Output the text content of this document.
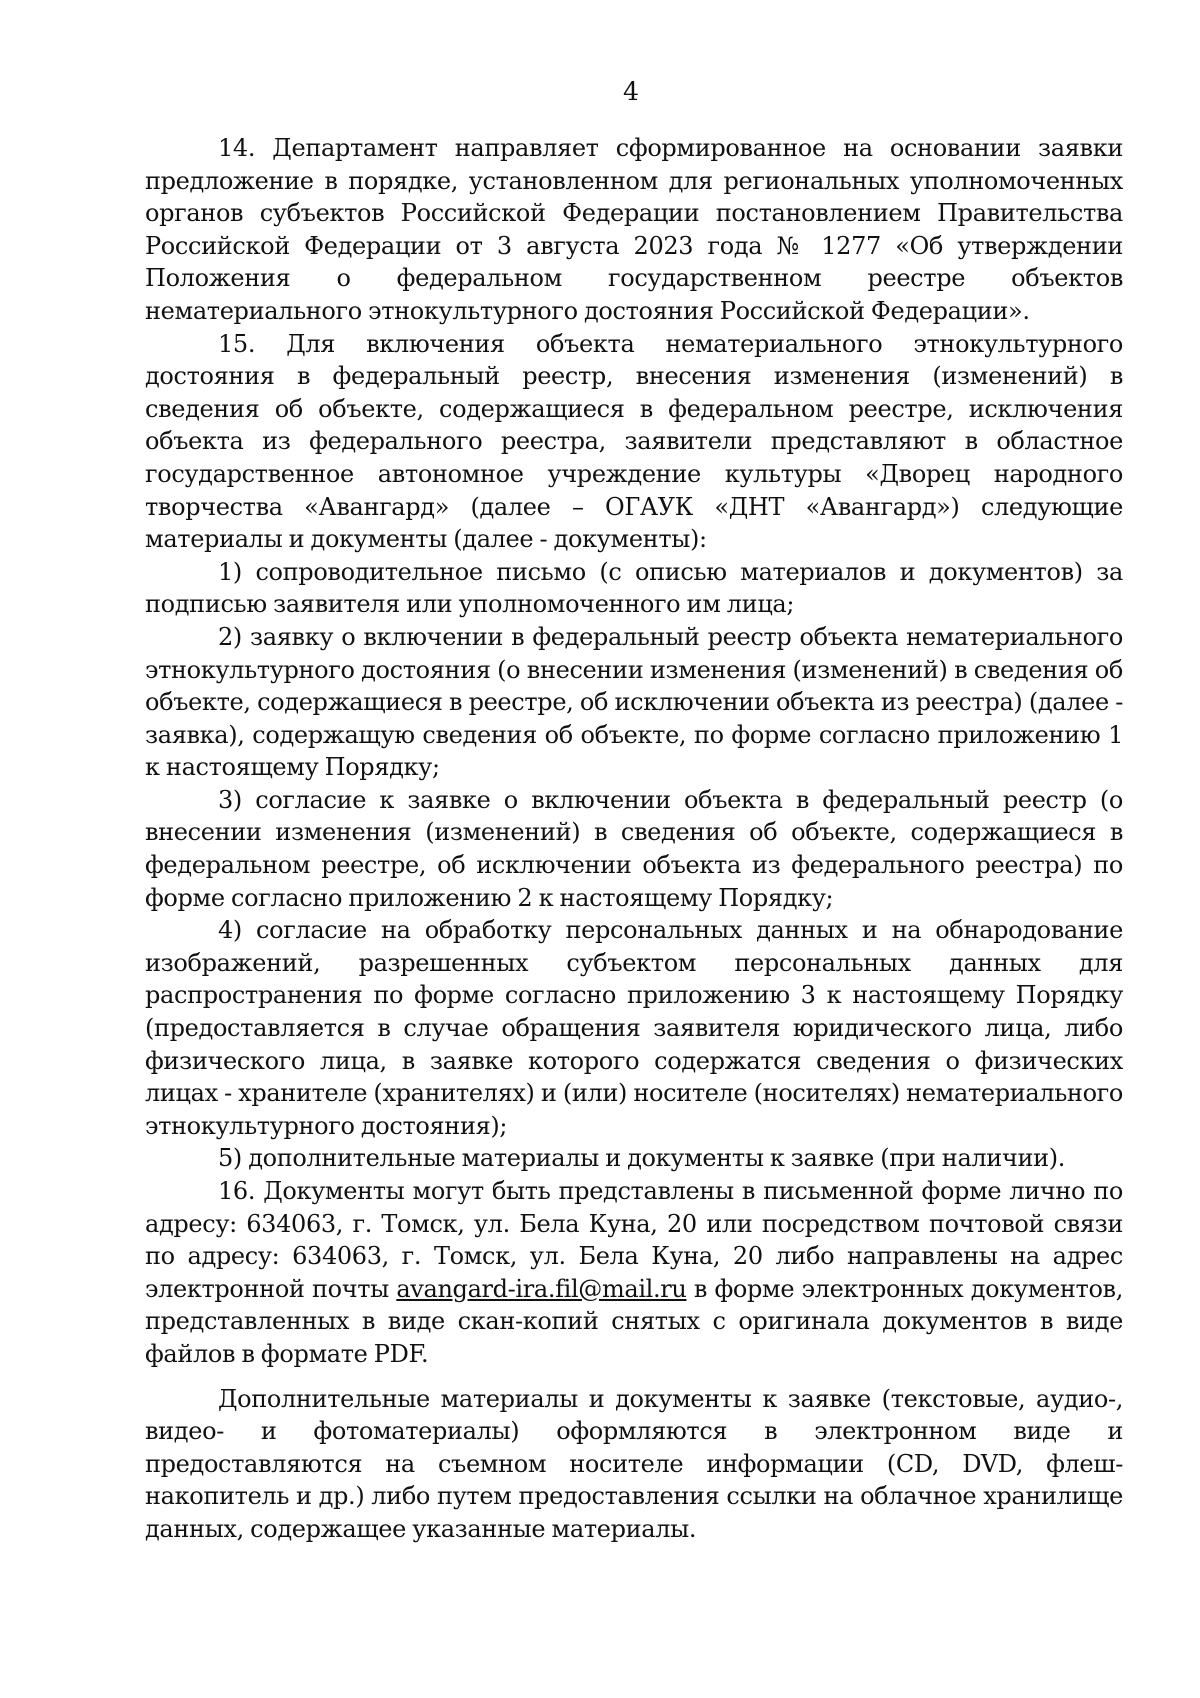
4

14. Департамент направляет сформированное на основании заявки предложение в порядке, установленном для региональных уполномоченных органов субъектов Российской Федерации постановлением Правительства Российской Федерации от 3 августа 2023 года № 1277 «Об утверждении Положения о федеральном государственном реестре объектов нематериального этнокультурного достояния Российской Федерации».

15. Для включения объекта нематериального этнокультурного достояния в федеральный реестр, внесения изменения (изменений) в сведения об объекте, содержащиеся в федеральном реестре, исключения объекта из федерального реестра, заявители представляют в областное государственное автономное учреждение культуры «Дворец народного творчества «Авангард» (далее – ОГАУК «ДНТ «Авангард») следующие материалы и документы (далее - документы):

1) сопроводительное письмо (с описью материалов и документов) за подписью заявителя или уполномоченного им лица;

2) заявку о включении в федеральный реестр объекта нематериального этнокультурного достояния (о внесении изменения (изменений) в сведения об объекте, содержащиеся в реестре, об исключении объекта из реестра) (далее - заявка), содержащую сведения об объекте, по форме согласно приложению 1 к настоящему Порядку;

3) согласие к заявке о включении объекта в федеральный реестр (о внесении изменения (изменений) в сведения об объекте, содержащиеся в федеральном реестре, об исключении объекта из федерального реестра) по форме согласно приложению 2 к настоящему Порядку;

4) согласие на обработку персональных данных и на обнародование изображений, разрешенных субъектом персональных данных для распространения по форме согласно приложению 3 к настоящему Порядку (предоставляется в случае обращения заявителя юридического лица, либо физического лица, в заявке которого содержатся сведения о физических лицах - хранителе (хранителях) и (или) носителе (носителях) нематериального этнокультурного достояния);

5) дополнительные материалы и документы к заявке (при наличии).

16. Документы могут быть представлены в письменной форме лично по адресу: 634063, г. Томск, ул. Бела Куна, 20 или посредством почтовой связи по адресу: 634063, г. Томск, ул. Бела Куна, 20 либо направлены на адрес электронной почты avangard-ira.fil@mail.ru в форме электронных документов, представленных в виде скан-копий снятых с оригинала документов в виде файлов в формате PDF.

Дополнительные материалы и документы к заявке (текстовые, аудио-, видео- и фотоматериалы) оформляются в электронном виде и предоставляются на съемном носителе информации (CD, DVD, флеш-накопитель и др.) либо путем предоставления ссылки на облачное хранилище данных, содержащее указанные материалы.
